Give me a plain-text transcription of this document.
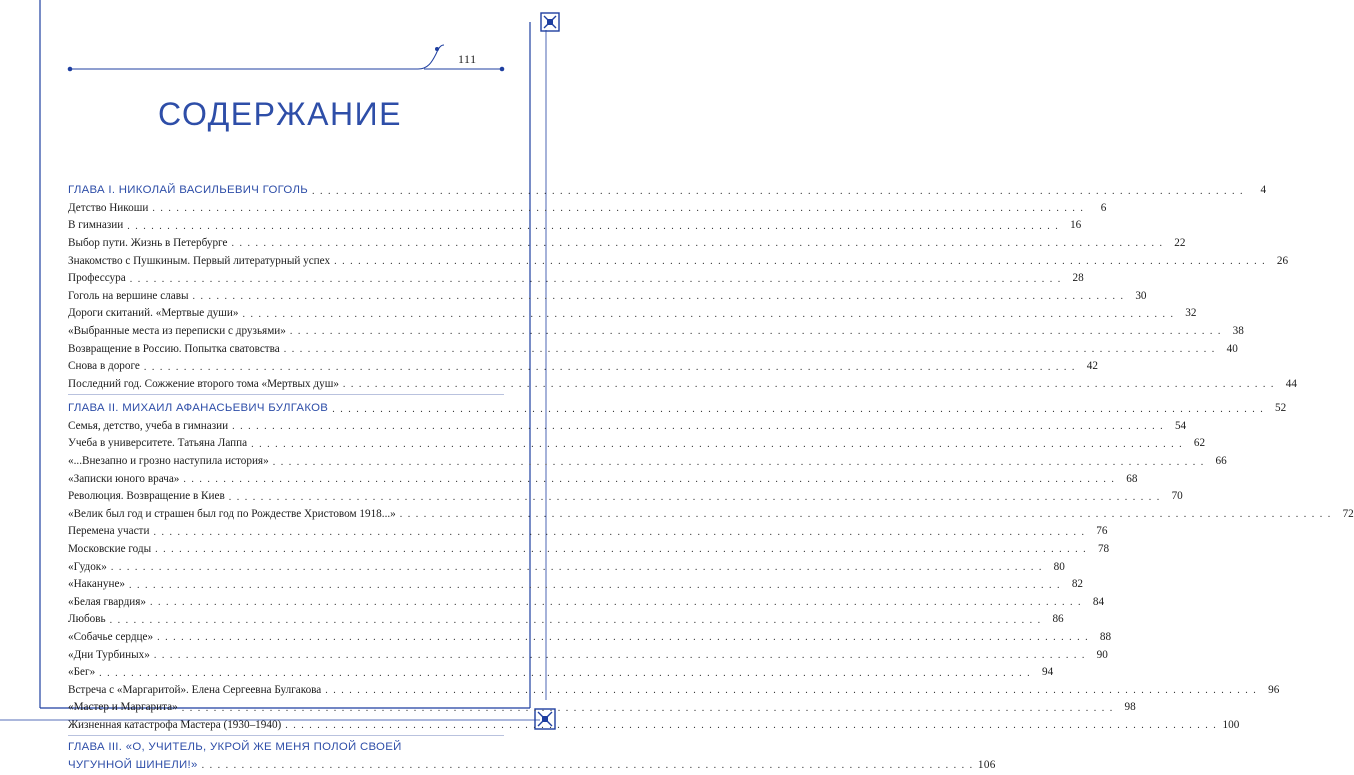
111
СОДЕРЖАНИЕ
ГЛАВА I. НИКОЛАЙ ВАСИЛЬЕВИЧ ГОГОЛЬ . . .	4
Детство Никоши . . .	6
В гимназии . . .	16
Выбор пути. Жизнь в Петербурге . . .	22
Знакомство с Пушкиным. Первый литературный успех . . .	26
Профессура . . .	28
Гоголь на вершине славы . . .	30
Дороги скитаний. «Мертвые души» . . .	32
«Выбранные места из переписки с друзьями» . . .	38
Возвращение в Россию. Попытка сватовства . . .	40
Снова в дороге . . .	42
Последний год. Сожжение второго тома «Мертвых душ» . . .	44
ГЛАВА II. МИХАИЛ АФАНАСЬЕВИЧ БУЛГАКОВ . . .	52
Семья, детство, учеба в гимназии . . .	54
Учеба в университете. Татьяна Лаппа . . .	62
«...Внезапно и грозно наступила история» . . .	66
«Записки юного врача» . . .	68
Революция. Возвращение в Киев . . .	70
«Велик был год и страшен был год по Рождестве Христовом 1918...» . . .	72
Перемена участи . . .	76
Московские годы . . .	78
«Гудок» . . .	80
«Накануне» . . .	82
«Белая гвардия» . . .	84
Любовь . . .	86
«Собачье сердце» . . .	88
«Дни Турбиных» . . .	90
«Бег» . . .	94
Встреча с «Маргаритой». Елена Сергеевна Булгакова . . .	96
«Мастер и Маргарита» . . .	98
Жизненная катастрофа Мастера (1930–1940) . . .	100
ГЛАВА III. «О, УЧИТЕЛЬ, УКРОЙ ЖЕ МЕНЯ ПОЛОЙ СВОЕЙ
ЧУГУННОЙ ШИНЕЛИ!» . . .	106
